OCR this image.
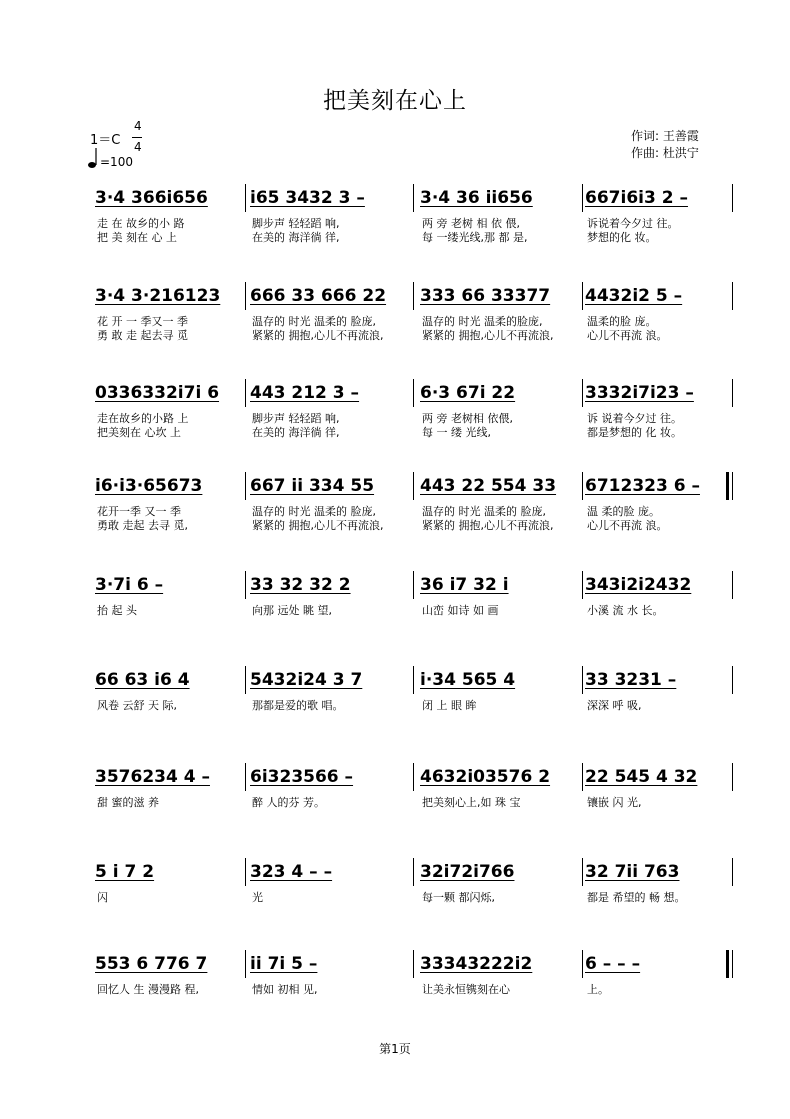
把美刻在心上
1＝C
4
4
=100
作词: 王善霞
作曲: 杜洪宁
3·4 366i656
走 在 故乡的小 路
把 美 刻在 心 上
i65 3432 3 –
脚步声 轻轻蹈 响,
在美的 海洋徜 徉,
3·4 36 ii656
两 旁 老树 相 依 偎,
每 一缕光线,那 都 是,
667i6i3 2 –
诉说着今夕过 往。
梦想的化 妆。
3·4 3·216123
花 开 一 季又一 季
勇 敢 走 起去寻 觅
666 33 666 22
温存的 时光 温柔的 脸庞,
紧紧的 拥抱,心儿不再流浪,
333 66 33377
温存的 时光 温柔的脸庞,
紧紧的 拥抱,心儿不再流浪,
4432i2 5 –
温柔的脸 庞。
心儿不再流 浪。
0336332i7i 6
走在故乡的小路 上
把美刻在 心坎 上
443 212 3 –
脚步声 轻轻蹈 响,
在美的 海洋徜 徉,
6·3 67i 22
两 旁 老树相 依偎,
每 一 缕 光线,
3332i7i23 –
诉 说着今夕过 往。
都是梦想的 化 妆。
i6·i3·65673
花开一季 又一 季
勇敢 走起 去寻 觅,
667 ii 334 55
温存的 时光 温柔的 脸庞,
紧紧的 拥抱,心儿不再流浪,
443 22 554 33
温存的 时光 温柔的 脸庞,
紧紧的 拥抱,心儿不再流浪,
6712323 6 –
温 柔的脸 庞。
心儿不再流 浪。
3·7i 6 –
抬 起 头
33 32 32 2
向那 远处 眺 望,
36 i7 32 i
山峦 如诗 如 画
343i2i2432
小溪 流 水 长。
66 63 i6 4
风卷 云舒 天 际,
5432i24 3 7
那都是爱的歌 唱。
i·34 565 4
闭 上 眼 眸
33 3231 –
深深 呼 吸,
3576234 4 –
甜 蜜的滋 养
6i323566 –
醉 人的芬 芳。
4632i03576 2
把美刻心上,如 珠 宝
22 545 4 32
镶嵌 闪 光,
5 i 7 2
闪
323 4 – –
光
32i72i766
每一颗 都闪烁,
32 7ii 763
都是 希望的 畅 想。
553 6 776 7
回忆人 生 漫漫路 程,
ii 7i 5 –
情如 初相 见,
33343222i2
让美永恒镌刻在心
6 – – –
上。
第1页
